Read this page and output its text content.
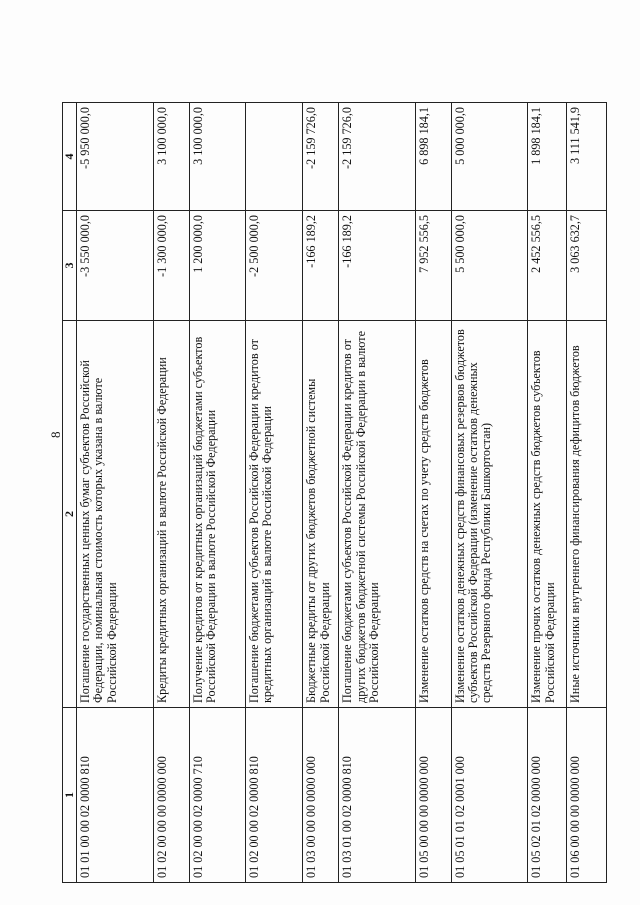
8
1	2	3	4
01 01 00 00 02 0000 810	Погашение государственных ценных бумаг субъектов Российской Федерации, номинальная стоимость которых указана в валюте Российской Федерации	-3 550 000,0	-5 950 000,0
01 02 00 00 00 0000 000	Кредиты кредитных организаций в валюте Российской Федерации	-1 300 000,0	3 100 000,0
01 02 00 00 02 0000 710	Получение кредитов от кредитных организаций бюджетами субъектов Российской Федерации в валюте Российской Федерации	1 200 000,0	3 100 000,0
01 02 00 00 02 0000 810	Погашение бюджетами субъектов Российской Федерации кредитов от кредитных организаций в валюте Российской Федерации	-2 500 000,0	
01 03 00 00 00 0000 000	Бюджетные кредиты от других бюджетов бюджетной системы Российской Федерации	-166 189,2	-2 159 726,0
01 03 01 00 02 0000 810	Погашение бюджетами субъектов Российской Федерации кредитов от других бюджетов бюджетной системы Российской Федерации в валюте Российской Федерации	-166 189,2	-2 159 726,0
01 05 00 00 00 0000 000	Изменение остатков средств на счетах по учету средств бюджетов	7 952 556,5	6 898 184,1
01 05 01 01 02 0001 000	Изменение остатков денежных средств финансовых резервов бюджетов субъектов Российской Федерации (изменение остатков денежных средств Резервного фонда Республики Башкортостан)	5 500 000,0	5 000 000,0
01 05 02 01 02 0000 000	Изменение прочих остатков денежных средств бюджетов субъектов Российской Федерации	2 452 556,5	1 898 184,1
01 06 00 00 00 0000 000	Иные источники внутреннего финансирования дефицитов бюджетов	3 063 632,7	3 111 541,9
